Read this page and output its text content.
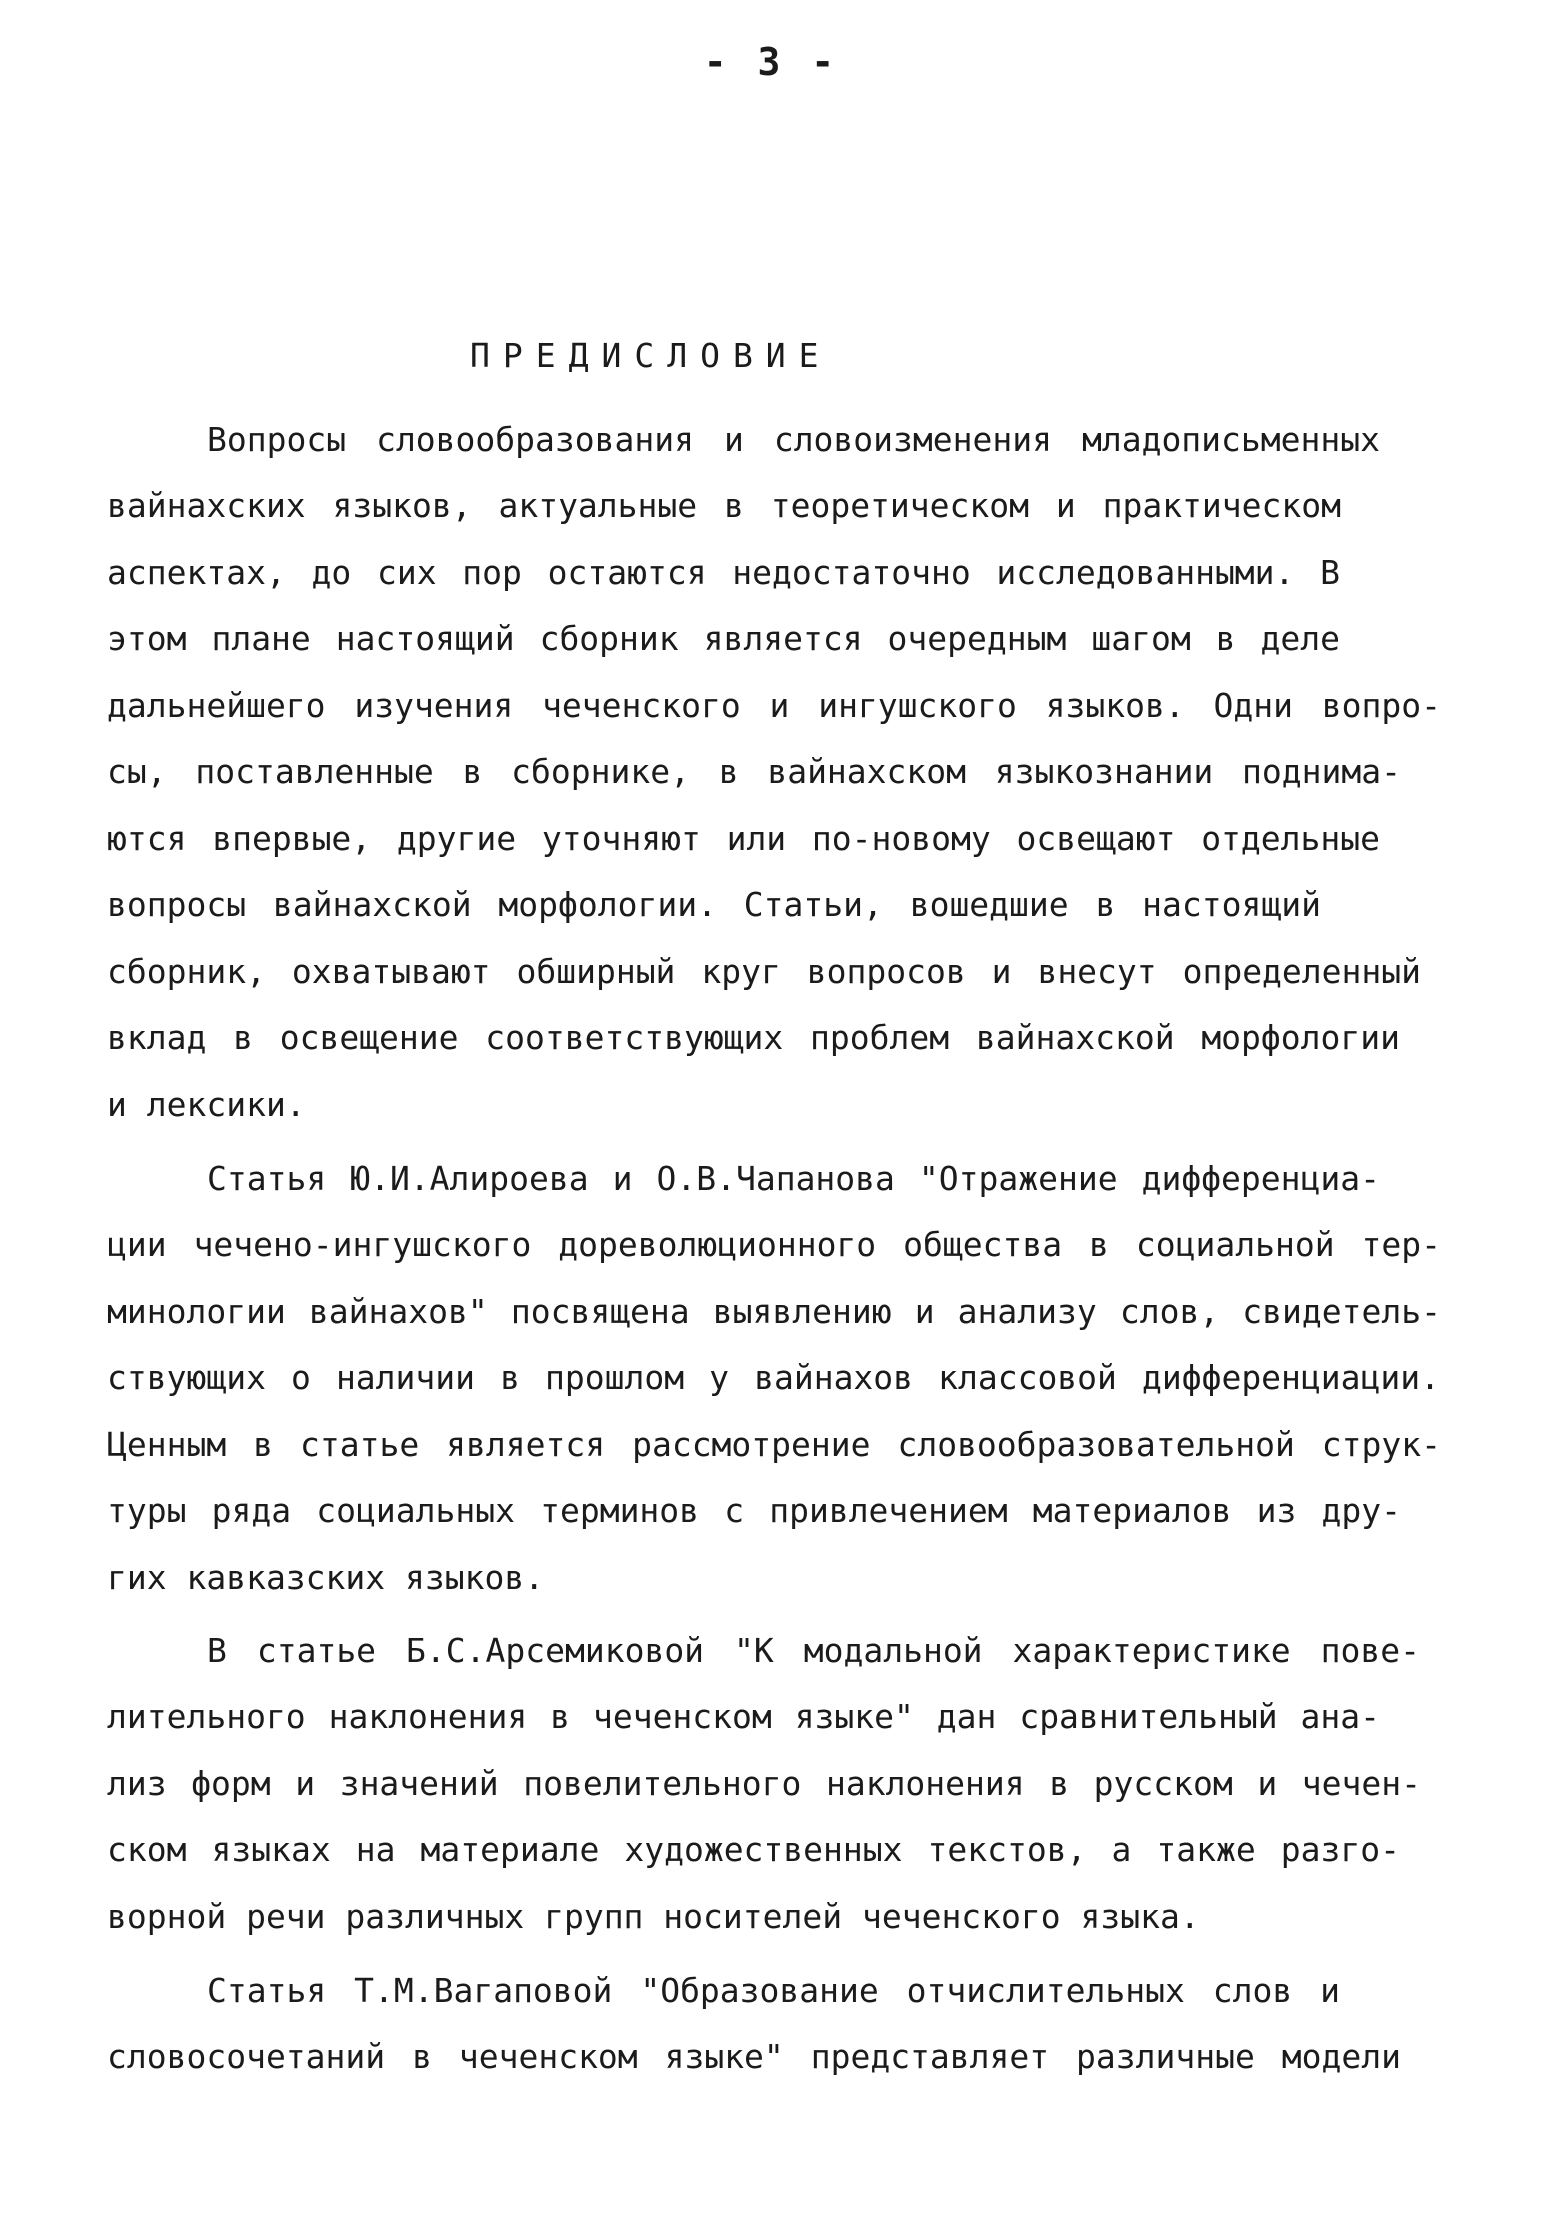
- 3 -
ПРЕДИСЛОВИЕ
Вопросы словообразования и словоизменения младописьменных
вайнахских языков, актуальные в теоретическом и практическом
аспектах, до сих пор остаются недостаточно исследованными. В
этом плане настоящий сборник является очередным шагом в деле
дальнейшего изучения чеченского и ингушского языков. Одни вопро-
сы, поставленные в сборнике, в вайнахском языкознании поднима-
ются впервые, другие уточняют или по-новому освещают отдельные
вопросы вайнахской морфологии. Статьи, вошедшие в настоящий
сборник, охватывают обширный круг вопросов и внесут определенный
вклад в освещение соответствующих проблем вайнахской морфологии
и лексики.
Статья Ю.И.Алироева и О.В.Чапанова "Отражение дифференциа-
ции чечено-ингушского дореволюционного общества в социальной тер-
минологии вайнахов" посвящена выявлению и анализу слов, свидетель-
ствующих о наличии в прошлом у вайнахов классовой дифференциации.
Ценным в статье является рассмотрение словообразовательной струк-
туры ряда социальных терминов с привлечением материалов из дру-
гих кавказских языков.
В статье Б.С.Арсемиковой "К модальной характеристике пове-
лительного наклонения в чеченском языке" дан сравнительный ана-
лиз форм и значений повелительного наклонения в русском и чечен-
ском языках на материале художественных текстов, а также разго-
ворной речи различных групп носителей чеченского языка.
Статья Т.М.Вагаповой "Образование отчислительных слов и
словосочетаний в чеченском языке" представляет различные модели
